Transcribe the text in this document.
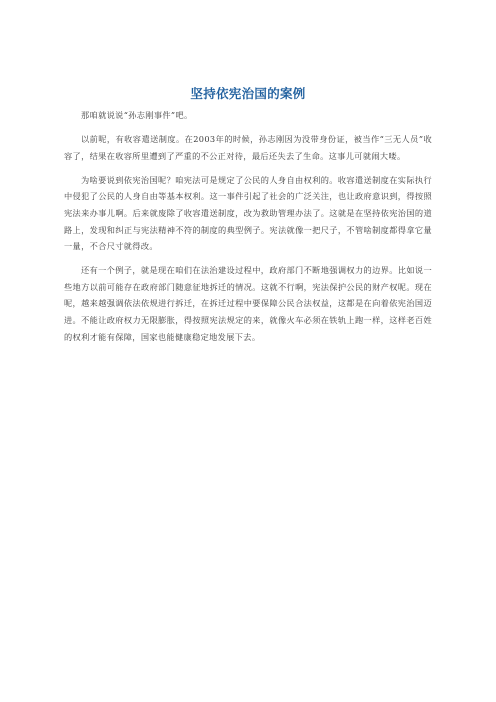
坚持依宪治国的案例

那咱就说说“孙志刚事件”吧。

以前呢，有收容遣送制度。在2003年的时候，孙志刚因为没带身份证，被当作“三无人员”收容了，结果在收容所里遭到了严重的不公正对待，最后还失去了生命。这事儿可就闹大喽。

为啥要说到依宪治国呢？咱宪法可是规定了公民的人身自由权利的。收容遣送制度在实际执行中侵犯了公民的人身自由等基本权利。这一事件引起了社会的广泛关注，也让政府意识到，得按照宪法来办事儿啊。后来就废除了收容遣送制度，改为救助管理办法了。这就是在坚持依宪治国的道路上，发现和纠正与宪法精神不符的制度的典型例子。宪法就像一把尺子，不管啥制度都得拿它量一量，不合尺寸就得改。

还有一个例子，就是现在咱们在法治建设过程中，政府部门不断地强调权力的边界。比如说一些地方以前可能存在政府部门随意征地拆迁的情况。这就不行啊，宪法保护公民的财产权呢。现在呢，越来越强调依法依规进行拆迁，在拆迁过程中要保障公民合法权益，这都是在向着依宪治国迈进。不能让政府权力无限膨胀，得按照宪法规定的来，就像火车必须在铁轨上跑一样，这样老百姓的权利才能有保障，国家也能健康稳定地发展下去。
